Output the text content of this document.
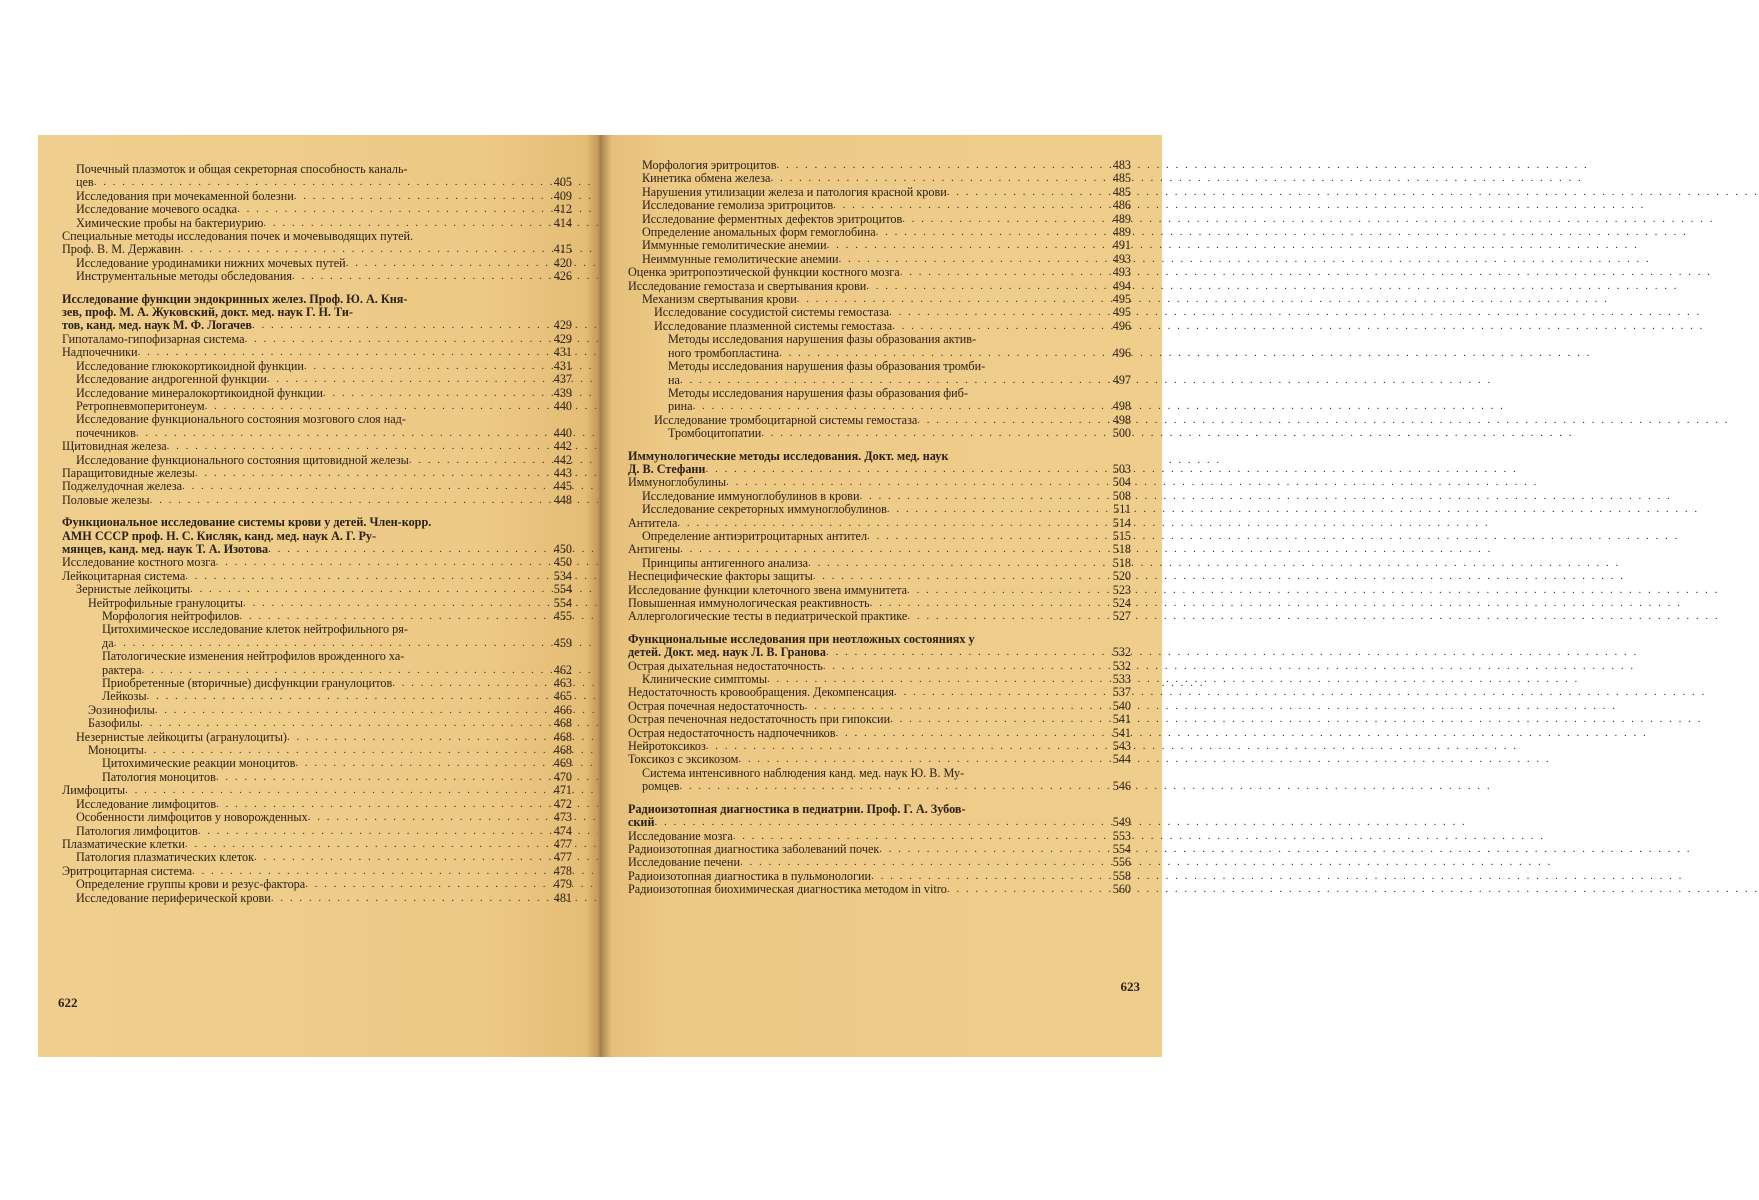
Почечный плазмоток и общая секреторная способность каналь-
цев . . .	405
Исследования при мочекаменной болезни . . .	409
Исследование мочевого осадка . . .	412
Химические пробы на бактериурию . . .	414
Специальные методы исследования почек и мочевыводящих путей.
Проф. В. М. Державин . . .	415
Исследование уродинамики нижних мочевых путей . . .	420
Инструментальные методы обследования . . .	426
Исследование функции эндокринных желез. Проф. Ю. А. Кня-
зев, проф. М. А. Жуковский, докт. мед. наук Г. Н. Ти-
тов, канд. мед. наук М. Ф. Логачев . . .	429
Гипоталамо-гипофизарная система . . .	429
Надпочечники . . .	431
Исследование глюкокортикоидной функции . . .	431
Исследование андрогенной функции . . .	437
Исследование минералокортикоидной функции . . .	439
Ретропневмоперитонеум . . .	440
Исследование функционального состояния мозгового слоя над-
почечников . . .	440
Щитовидная железа . . .	442
Исследование функционального состояния щитовидной железы . . .	442
Паращитовидные железы . . .	443
Поджелудочная железа . . .	445
Половые железы . . .	448
Функциональное исследование системы крови у детей. Член-корр.
АМН СССР проф. Н. С. Кисляк, канд. мед. наук А. Г. Ру-
мянцев, канд. мед. наук Т. А. Изотова . . .	450
Исследование костного мозга . . .	450
Лейкоцитарная система . . .	534
Зернистые лейкоциты . . .	554
Нейтрофильные гранулоциты . . .	554
Морфология нейтрофилов . . .	455
Цитохимическое исследование клеток нейтрофильного ря-
да . . .	459
Патологические изменения нейтрофилов врожденного ха-
рактера . . .	462
Приобретенные (вторичные) дисфункции гранулоцитов . . .	463
Лейкозы . . .	465
Эозинофилы . . .	466
Базофилы . . .	468
Незернистые лейкоциты (агранулоциты) . . .	468
Моноциты . . .	468
Цитохимические реакции моноцитов . . .	469
Патология моноцитов . . .	470
Лимфоциты . . .	471
Исследование лимфоцитов . . .	472
Особенности лимфоцитов у новорожденных . . .	473
Патология лимфоцитов . . .	474
Плазматические клетки . . .	477
Патология плазматических клеток . . .	477
Эритроцитарная система . . .	478
Определение группы крови и резус-фактора . . .	479
Исследование периферической крови . . .	481
622
Морфология эритроцитов . . .	483
Кинетика обмена железа . . .	485
Нарушения утилизации железа и патология красной крови . . .	485
Исследование гемолиза эритроцитов . . .	486
Исследование ферментных дефектов эритроцитов . . .	489
Определение аномальных форм гемоглобина . . .	489
Иммунные гемолитические анемии . . .	491
Неиммунные гемолитические анемии . . .	493
Оценка эритропоэтической функции костного мозга . . .	493
Исследование гемостаза и свертывания крови . . .	494
Механизм свертывания крови . . .	495
Исследование сосудистой системы гемостаза . . .	495
Исследование плазменной системы гемостаза . . .	496
Методы исследования нарушения фазы образования актив-
ного тромбопластина . . .	496
Методы исследования нарушения фазы образования тромби-
на . . .	497
Методы исследования нарушения фазы образования фиб-
рина . . .	498
Исследование тромбоцитарной системы гемостаза . . .	498
Тромбоцитопатии . . .	500
Иммунологические методы исследования. Докт. мед. наук
Д. В. Стефани . . .	503
Иммуноглобулины . . .	504
Исследование иммуноглобулинов в крови . . .	508
Исследование секреторных иммуноглобулинов . . .	511
Антитела . . .	514
Определение антиэритроцитарных антител . . .	515
Антигены . . .	518
Принципы антигенного анализа . . .	518
Неспецифические факторы защиты . . .	520
Исследование функции клеточного звена иммунитета . . .	523
Повышенная иммунологическая реактивность . . .	524
Аллергологические тесты в педиатрической практике . . .	527
Функциональные исследования при неотложных состояниях у
детей. Докт. мед. наук Л. В. Гранова . . .	532
Острая дыхательная недостаточность . . .	532
Клинические симптомы . . .	533
Недостаточность кровообращения. Декомпенсация . . .	537
Острая почечная недостаточность . . .	540
Острая печеночная недостаточность при гипоксии . . .	541
Острая недостаточность надпочечников . . .	541
Нейротоксикоз . . .	543
Токсикоз с эксикозом . . .	544
Система интенсивного наблюдения канд. мед. наук Ю. В. Му-
ромцев . . .	546
Радиоизотопная диагностика в педиатрии. Проф. Г. А. Зубов-
ский . . .	549
Исследование мозга . . .	553
Радиоизотопная диагностика заболеваний почек . . .	554
Исследование печени . . .	556
Радиоизотопная диагностика в пульмонологии . . .	558
Радиоизотопная биохимическая диагностика методом in vitro . . .	560
623
